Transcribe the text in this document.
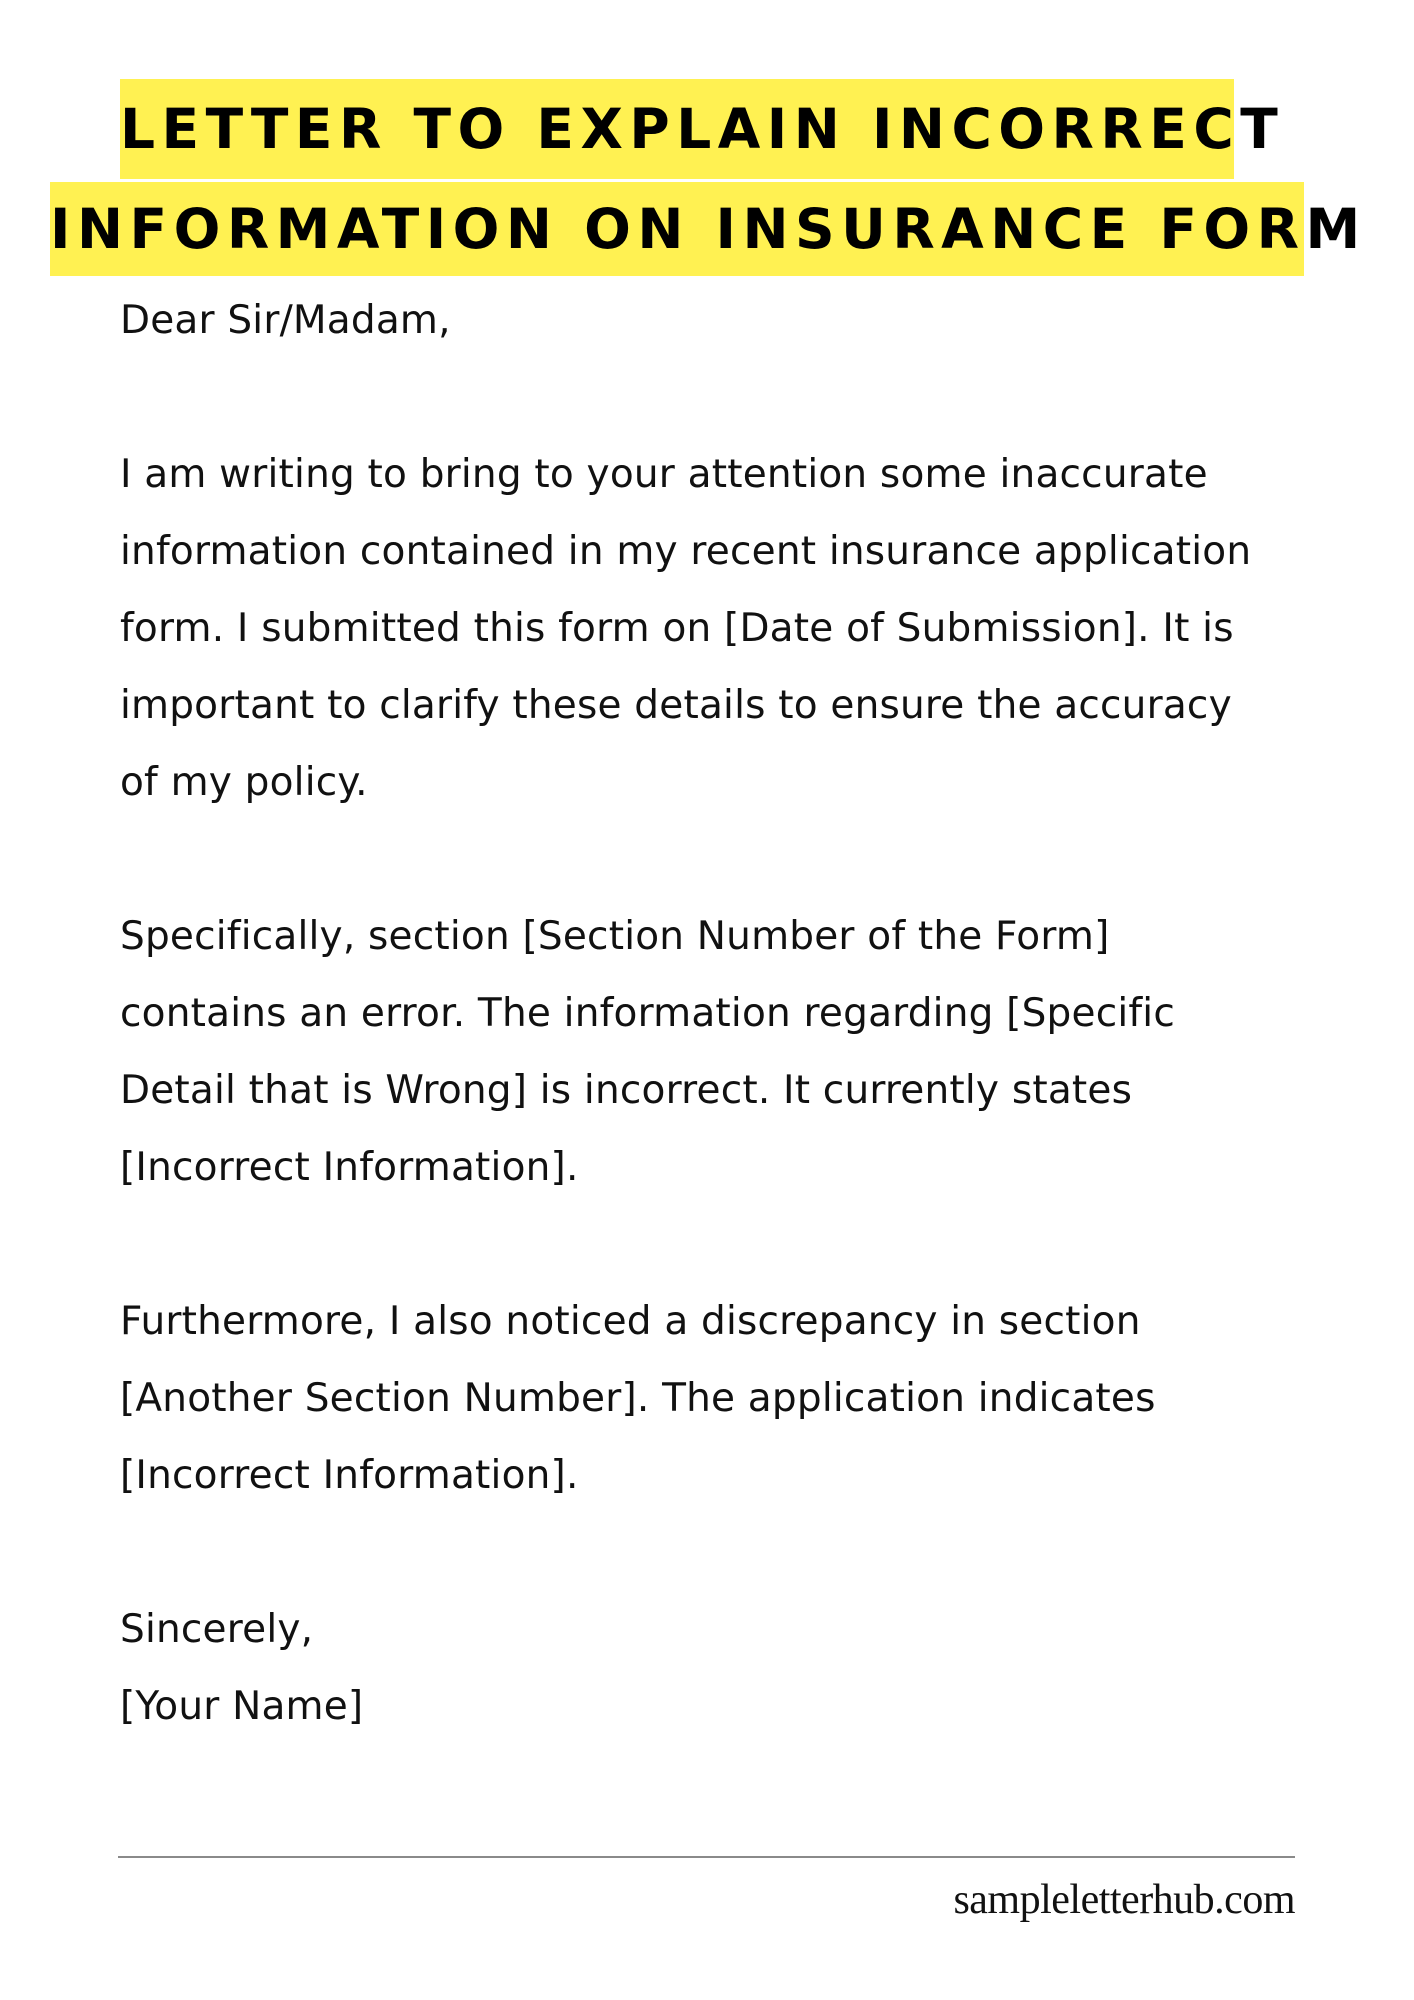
LETTER TO EXPLAIN INCORRECT
INFORMATION ON INSURANCE FORM

Dear Sir/Madam,

I am writing to bring to your attention some inaccurate

information contained in my recent insurance application

form. I submitted this form on [Date of Submission]. It is

important to clarify these details to ensure the accuracy

of my policy.

Specifically, section [Section Number of the Form]

contains an error. The information regarding [Specific

Detail that is Wrong] is incorrect. It currently states

[Incorrect Information].

Furthermore, I also noticed a discrepancy in section

[Another Section Number]. The application indicates

[Incorrect Information].

Sincerely,

[Your Name]

sampleletterhub.com
